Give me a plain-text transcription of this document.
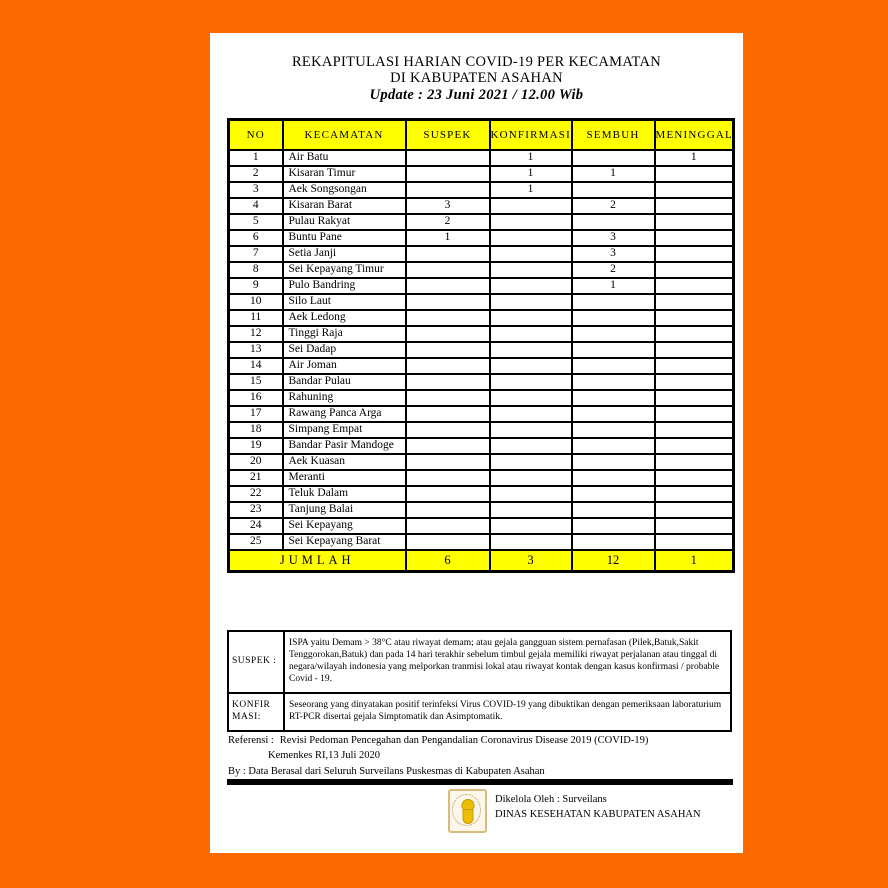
REKAPITULASI HARIAN COVID-19 PER KECAMATAN
DI KABUPATEN ASAHAN
Update : 23 Juni 2021 / 12.00 Wib
NO	KECAMATAN	SUSPEK	KONFIRMASI	SEMBUH	MENINGGAL
1	Air Batu		1		1
2	Kisaran Timur		1	1	
3	Aek Songsongan		1		
4	Kisaran Barat	3		2	
5	Pulau Rakyat	2			
6	Buntu Pane	1		3	
7	Setia Janji			3	
8	Sei Kepayang Timur			2	
9	Pulo Bandring			1	
10	Silo Laut				
11	Aek Ledong				
12	Tinggi Raja				
13	Sei Dadap				
14	Air Joman				
15	Bandar Pulau				
16	Rahuning				
17	Rawang Panca Arga				
18	Simpang Empat				
19	Bandar Pasir Mandoge				
20	Aek Kuasan				
21	Meranti				
22	Teluk Dalam				
23	Tanjung Balai				
24	Sei Kepayang				
25	Sei Kepayang Barat				
JUMLAH		6	3	12	1
SUSPEK :	ISPA yaitu Demam > 38°C atau riwayat demam; atau gejala gangguan sistem pernafasan (Pilek,Batuk,Sakit Tenggorokan,Batuk) dan pada 14 hari terakhir sebelum timbul gejala memiliki riwayat perjalanan atau tinggal di negara/wilayah indonesia yang melporkan tranmisi lokal atau riwayat kontak dengan kasus konfirmasi / probable Covid - 19.
KONFIRMASI:	Seseorang yang dinyatakan positif terinfeksi Virus COVID-19 yang dibuktikan dengan pemeriksaan laboraturium RT-PCR disertai gejala Simptomatik dan Asimptomatik.
Referensi : Revisi Pedoman Pencegahan dan Pengandalian Coronavirus Disease 2019 (COVID-19)
Kemenkes RI,13 Juli 2020
By : Data Berasal dari Seluruh Surveilans Puskesmas di Kabupaten Asahan
Dikelola Oleh : Surveilans
DINAS KESEHATAN KABUPATEN ASAHAN
